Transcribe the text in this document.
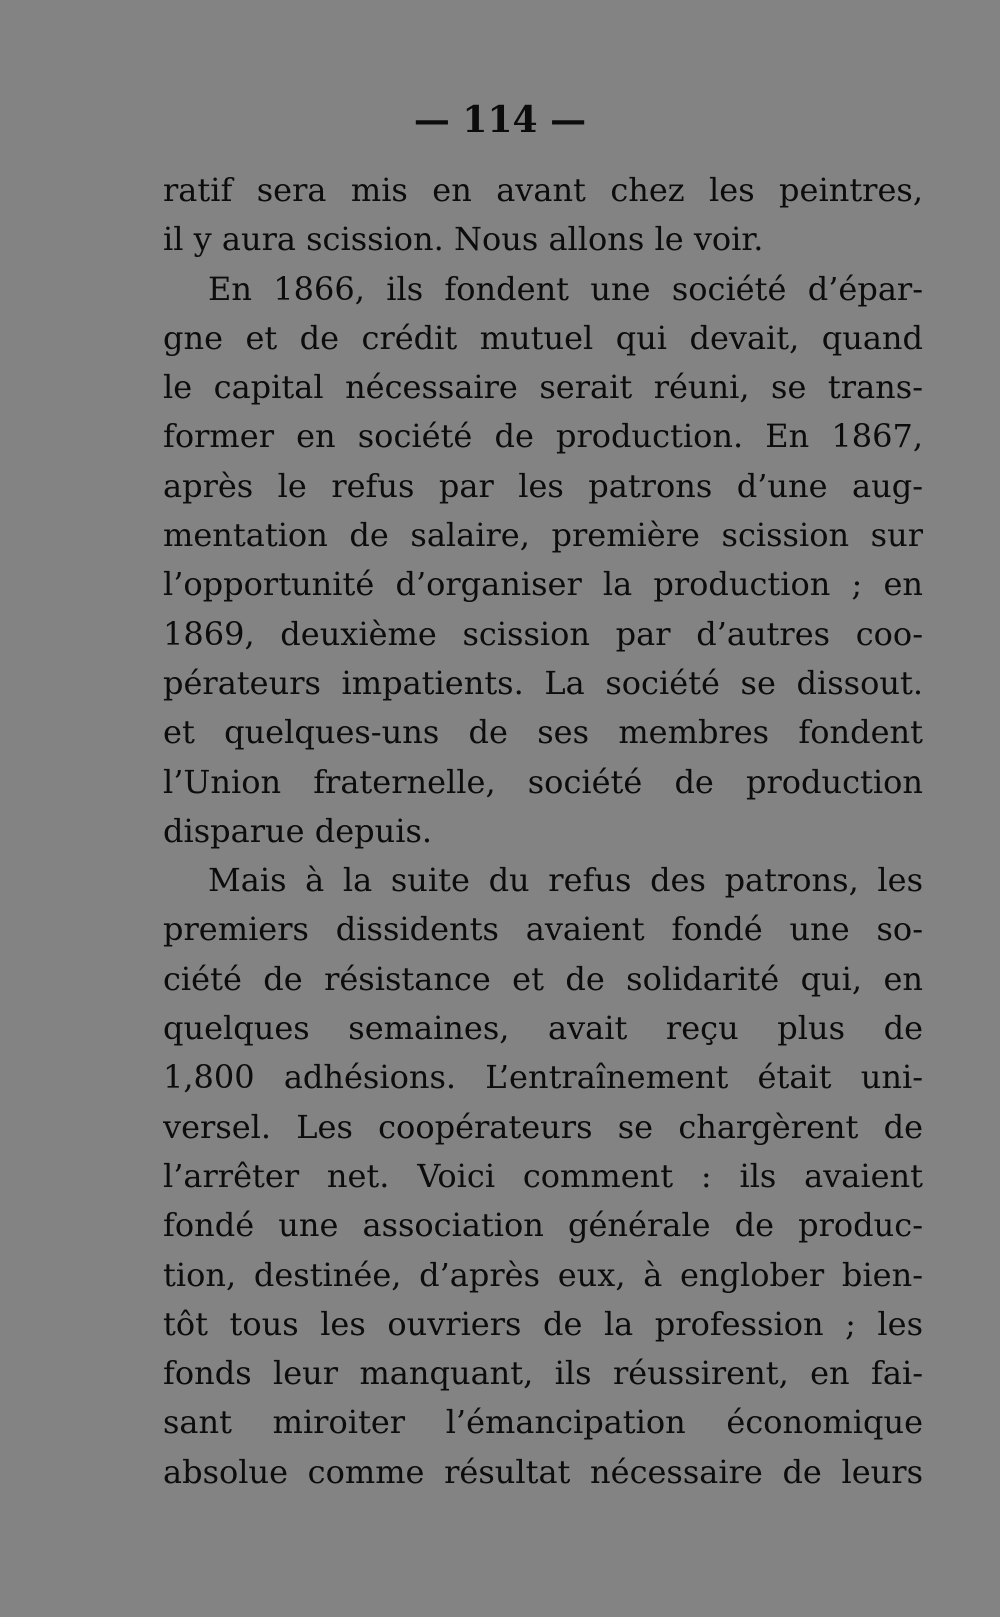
— 114 —
ratif sera mis en avant chez les peintres,
il y aura scission. Nous allons le voir.
En 1866, ils fondent une société d’épar-
gne et de crédit mutuel qui devait, quand
le capital nécessaire serait réuni, se trans-
former en société de production. En 1867,
après le refus par les patrons d’une aug-
mentation de salaire, première scission sur
l’opportunité d’organiser la production ; en
1869, deuxième scission par d’autres coo-
pérateurs impatients. La société se dissout.
et quelques-uns de ses membres fondent
l’Union fraternelle, société de production
disparue depuis.
Mais à la suite du refus des patrons, les
premiers dissidents avaient fondé une so-
ciété de résistance et de solidarité qui, en
quelques semaines, avait reçu plus de
1,800 adhésions. L’entraînement était uni-
versel. Les coopérateurs se chargèrent de
l’arrêter net. Voici comment : ils avaient
fondé une association générale de produc-
tion, destinée, d’après eux, à englober bien-
tôt tous les ouvriers de la profession ; les
fonds leur manquant, ils réussirent, en fai-
sant miroiter l’émancipation économique
absolue comme résultat nécessaire de leurs
